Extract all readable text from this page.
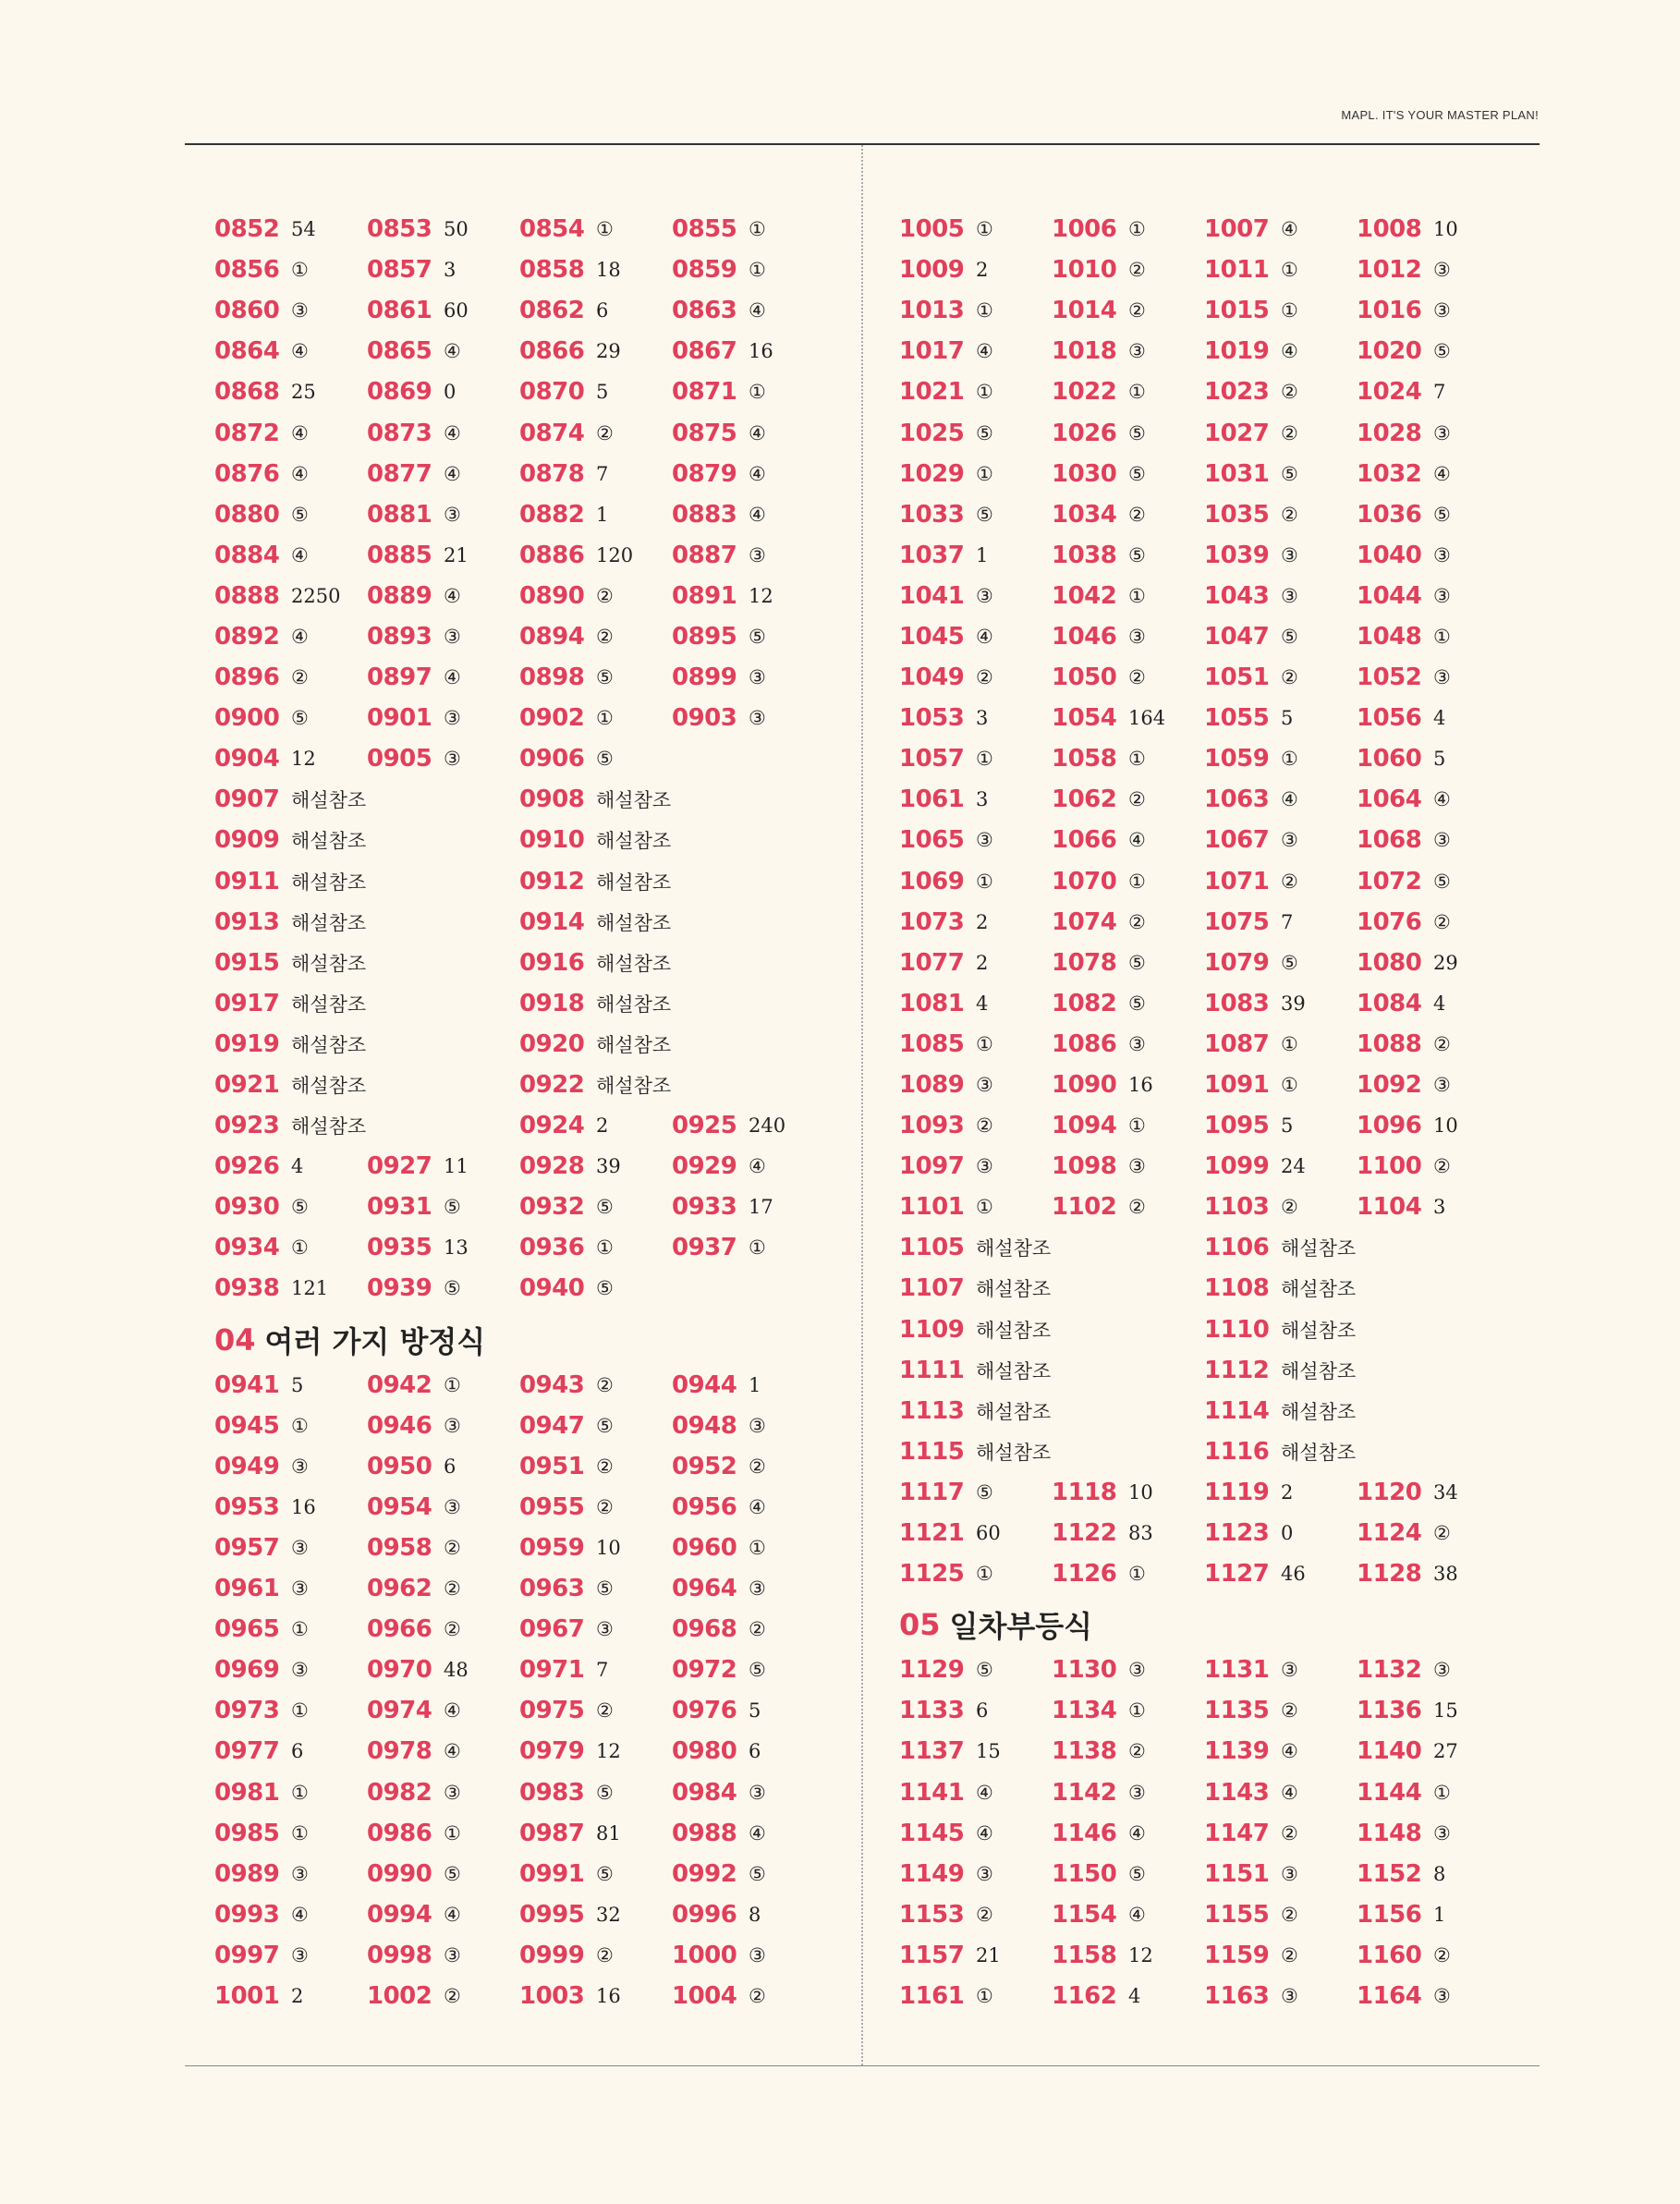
MAPL. IT'S YOUR MASTER PLAN!
0852 54 0853 50 0854 ① 0855 ①
0856 ① 0857 3	0858 18 0859 ①
0860 ③ 0861 60 0862 6	0863 ④
0864 ④ 0865 ④ 0866 29 0867 16
0868 25 0869 0	0870 5	0871 ①
0872 ④ 0873 ④ 0874 ② 0875 ④
0876 ④ 0877 ④ 0878 7	0879 ④
0880 ⑤ 0881 ③ 0882 1	0883 ④
0884 ④ 0885 21 0886 120 0887 ③
0888 2250 0889 ④ 0890 ② 0891 12
0892 ④ 0893 ③ 0894 ② 0895 ⑤
0896 ② 0897 ④ 0898 ⑤ 0899 ③
0900 ⑤ 0901 ③ 0902 ① 0903 ③
0904 12 0905 ③ 0906 ⑤
0907 해설참조	0908 해설참조
0909 해설참조	0910 해설참조
0911 해설참조	0912 해설참조
0913 해설참조	0914 해설참조
0915 해설참조	0916 해설참조
0917 해설참조	0918 해설참조
0919 해설참조	0920 해설참조
0921 해설참조	0922 해설참조
0923 해설참조	0924 2	0925 240
0926 4	0927 11 0928 39 0929 ④
0930 ⑤ 0931 ⑤ 0932 ⑤ 0933 17
0934 ① 0935 13 0936 ① 0937 ①
0938 121 0939 ⑤ 0940 ⑤
04 여러 가지 방정식
0941 5	0942 ① 0943 ② 0944 1
0945 ① 0946 ③ 0947 ⑤ 0948 ③
0949 ③ 0950 6	0951 ② 0952 ②
0953 16 0954 ③ 0955 ② 0956 ④
0957 ③ 0958 ② 0959 10 0960 ①
0961 ③ 0962 ② 0963 ⑤ 0964 ③
0965 ① 0966 ② 0967 ③ 0968 ②
0969 ③ 0970 48 0971 7	0972 ⑤
0973 ① 0974 ④ 0975 ② 0976 5
0977 6	0978 ④ 0979 12 0980 6
0981 ① 0982 ③ 0983 ⑤ 0984 ③
0985 ① 0986 ① 0987 81 0988 ④
0989 ③ 0990 ⑤ 0991 ⑤ 0992 ⑤
0993 ④ 0994 ④ 0995 32 0996 8
0997 ③ 0998 ③ 0999 ② 1000 ③
1001 2	1002 ② 1003 16 1004 ②
1005 ① 1006 ① 1007 ④ 1008 10
1009 2	1010 ② 1011 ① 1012 ③
1013 ① 1014 ② 1015 ① 1016 ③
1017 ④ 1018 ③ 1019 ④ 1020 ⑤
1021 ① 1022 ① 1023 ② 1024 7
1025 ⑤ 1026 ⑤ 1027 ② 1028 ③
1029 ① 1030 ⑤ 1031 ⑤ 1032 ④
1033 ⑤ 1034 ② 1035 ② 1036 ⑤
1037 1	1038 ⑤ 1039 ③ 1040 ③
1041 ③ 1042 ① 1043 ③ 1044 ③
1045 ④ 1046 ③ 1047 ⑤ 1048 ①
1049 ② 1050 ② 1051 ② 1052 ③
1053 3	1054 164 1055 5	1056 4
1057 ① 1058 ① 1059 ① 1060 5
1061 3	1062 ② 1063 ④ 1064 ④
1065 ③ 1066 ④ 1067 ③ 1068 ③
1069 ① 1070 ① 1071 ② 1072 ⑤
1073 2	1074 ② 1075 7	1076 ②
1077 2	1078 ⑤ 1079 ⑤ 1080 29
1081 4	1082 ⑤ 1083 39 1084 4
1085 ① 1086 ③ 1087 ① 1088 ②
1089 ③ 1090 16 1091 ① 1092 ③
1093 ② 1094 ① 1095 5	1096 10
1097 ③ 1098 ③ 1099 24 1100 ②
1101 ① 1102 ② 1103 ② 1104 3
1105 해설참조	1106 해설참조
1107 해설참조	1108 해설참조
1109 해설참조	1110 해설참조
1111 해설참조	1112 해설참조
1113 해설참조	1114 해설참조
1115 해설참조	1116 해설참조
1117 ⑤ 1118 10 1119 2	1120 34
1121 60 1122 83 1123 0	1124 ②
1125 ① 1126 ① 1127 46 1128 38
05 일차부등식
1129 ⑤ 1130 ③ 1131 ③ 1132 ③
1133 6	1134 ① 1135 ② 1136 15
1137 15 1138 ② 1139 ④ 1140 27
1141 ④ 1142 ③ 1143 ④ 1144 ①
1145 ④ 1146 ④ 1147 ② 1148 ③
1149 ③ 1150 ⑤ 1151 ③ 1152 8
1153 ② 1154 ④ 1155 ② 1156 1
1157 21 1158 12 1159 ② 1160 ②
1161 ① 1162 4	1163 ③ 1164 ③
